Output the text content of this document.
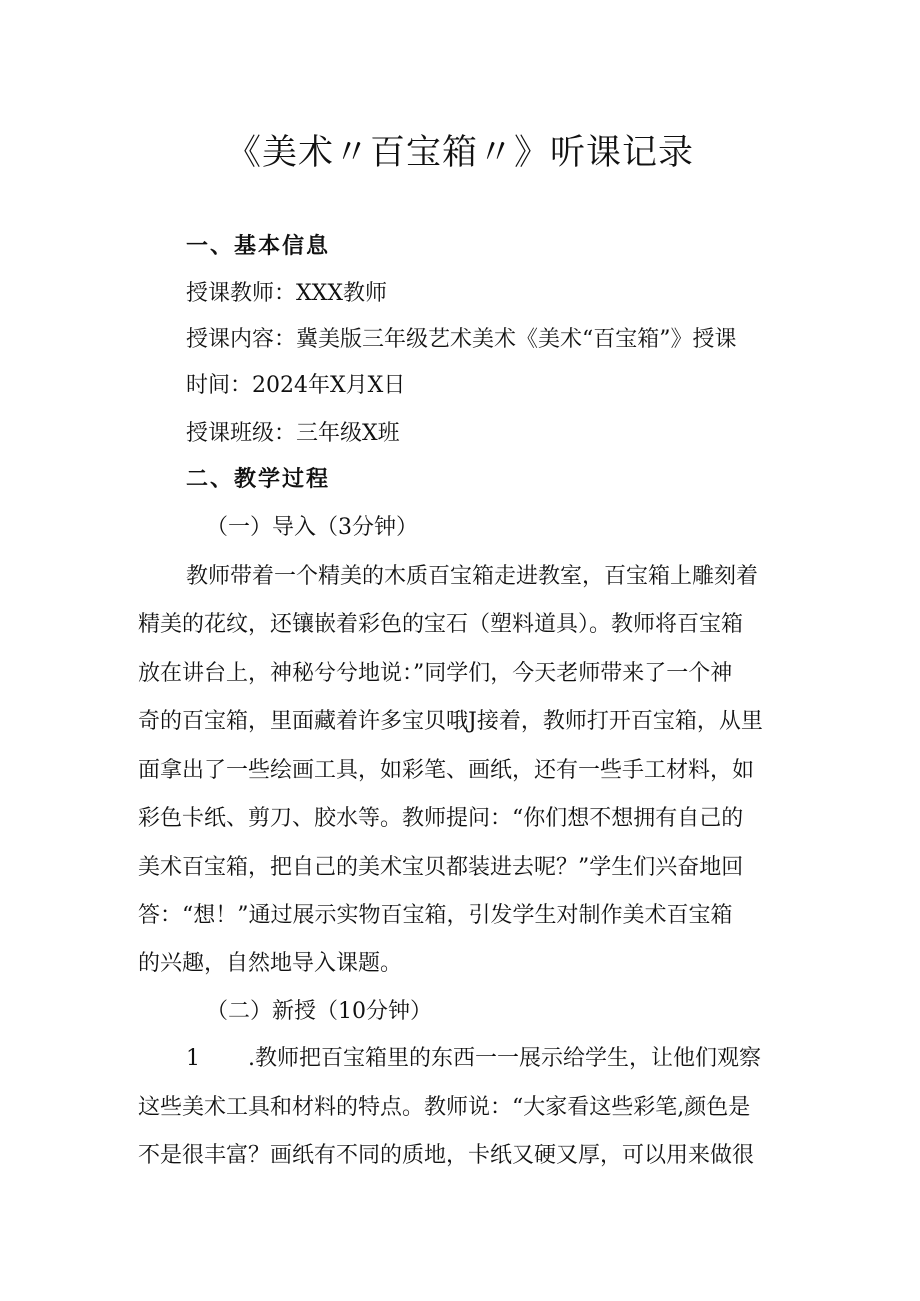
《美术〃百宝箱〃》听课记录
一、基本信息
授课教师：XXX教师
授课内容：冀美版三年级艺术美术《美术“百宝箱”》授课
时间：2024年X月X日
授课班级：三年级X班
二、教学过程
（一）导入（3分钟）
教师带着一个精美的木质百宝箱走进教室，百宝箱上雕刻着
精美的花纹，还镶嵌着彩色的宝石（塑料道具）。教师将百宝箱
放在讲台上，神秘兮兮地说：”同学们，今天老师带来了一个神
奇的百宝箱，里面藏着许多宝贝哦J接着，教师打开百宝箱，从里
面拿出了一些绘画工具，如彩笔、画纸，还有一些手工材料，如
彩色卡纸、剪刀、胶水等。教师提问：“你们想不想拥有自己的
美术百宝箱，把自己的美术宝贝都装进去呢？”学生们兴奋地回
答：“想！”通过展示实物百宝箱，引发学生对制作美术百宝箱
的兴趣，自然地导入课题。
（二）新授（10分钟）
1 .教师把百宝箱里的东西一一展示给学生，让他们观察
这些美术工具和材料的特点。教师说：“大家看这些彩笔,颜色是
不是很丰富？画纸有不同的质地，卡纸又硬又厚，可以用来做很
